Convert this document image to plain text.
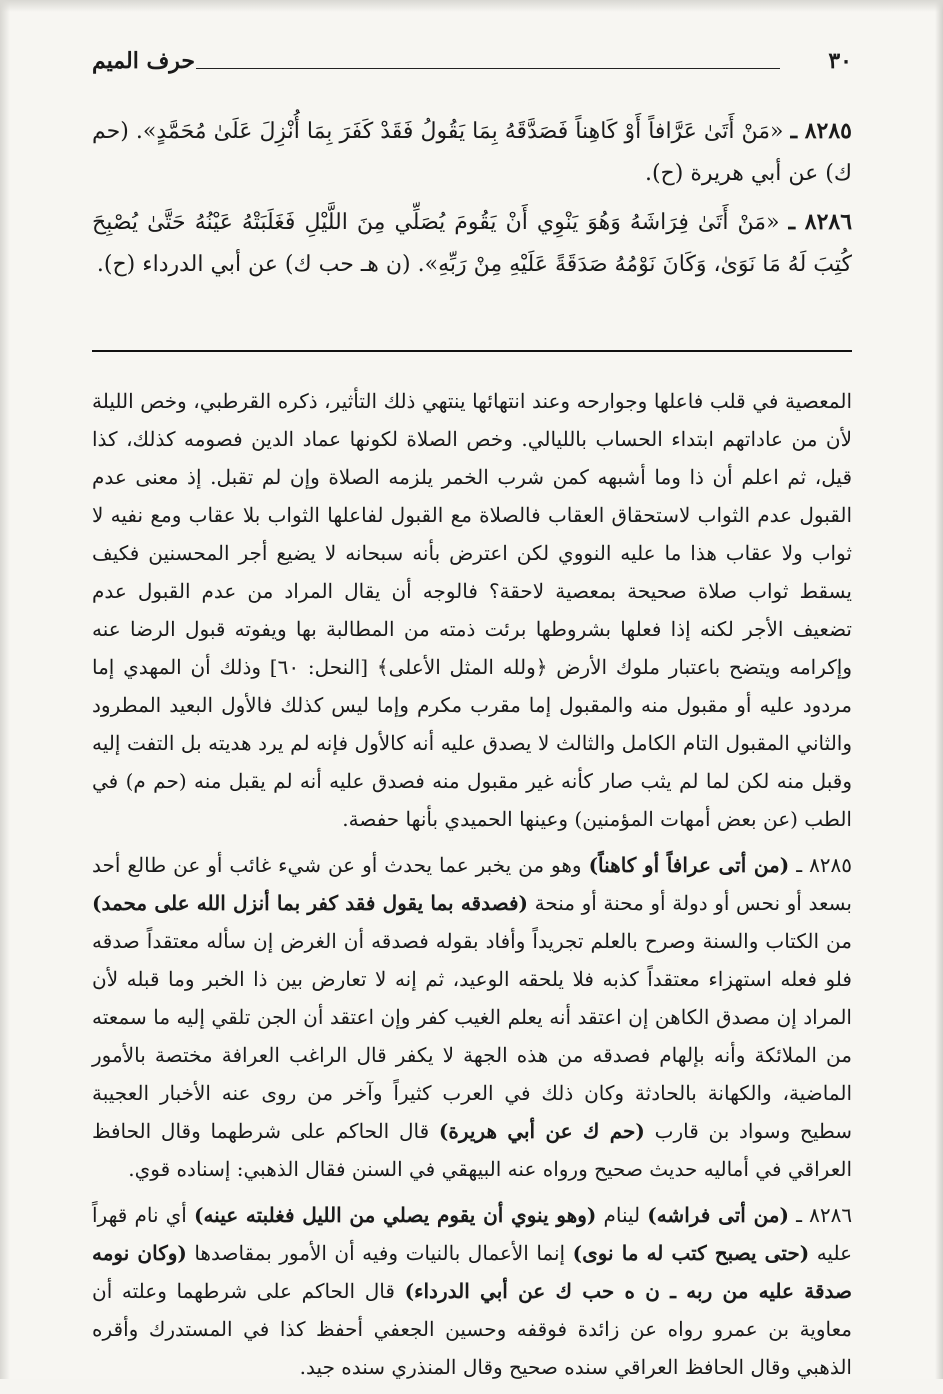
٣٠
حرف الميم

٨٢٨٥ ـ «مَنْ أَتَىٰ عَرَّافاً أَوْ كَاهِناً فَصَدَّقَهُ بِمَا يَقُولُ فَقَدْ كَفَرَ بِمَا أُنْزِلَ عَلَىٰ مُحَمَّدٍ». (حم ك) عن أبي هريرة (ح).

٨٢٨٦ ـ «مَنْ أَتَىٰ فِرَاشَهُ وَهُوَ يَنْوِي أَنْ يَقُومَ يُصَلِّي مِنَ اللَّيْلِ فَغَلَبَتْهُ عَيْنُهُ حَتَّىٰ يُصْبِحَ كُتِبَ لَهُ مَا نَوَىٰ، وَكَانَ نَوْمُهُ صَدَقَةً عَلَيْهِ مِنْ رَبِّهِ». (ن هـ حب ك) عن أبي الدرداء (ح).

المعصية في قلب فاعلها وجوارحه وعند انتهائها ينتهي ذلك التأثير، ذكره القرطبي، وخص الليلة لأن من عاداتهم ابتداء الحساب بالليالي. وخص الصلاة لكونها عماد الدين فصومه كذلك، كذا قيل، ثم اعلم أن ذا وما أشبهه كمن شرب الخمر يلزمه الصلاة وإن لم تقبل. إذ معنى عدم القبول عدم الثواب لاستحقاق العقاب فالصلاة مع القبول لفاعلها الثواب بلا عقاب ومع نفيه لا ثواب ولا عقاب هذا ما عليه النووي لكن اعترض بأنه سبحانه لا يضيع أجر المحسنين فكيف يسقط ثواب صلاة صحيحة بمعصية لاحقة؟ فالوجه أن يقال المراد من عدم القبول عدم تضعيف الأجر لكنه إذا فعلها بشروطها برئت ذمته من المطالبة بها ويفوته قبول الرضا عنه وإكرامه ويتضح باعتبار ملوك الأرض ﴿ولله المثل الأعلى﴾ [النحل: ٦٠] وذلك أن المهدي إما مردود عليه أو مقبول منه والمقبول إما مقرب مكرم وإما ليس كذلك فالأول البعيد المطرود والثاني المقبول التام الكامل والثالث لا يصدق عليه أنه كالأول فإنه لم يرد هديته بل التفت إليه وقبل منه لكن لما لم يثب صار كأنه غير مقبول منه فصدق عليه أنه لم يقبل منه (حم م) في الطب (عن بعض أمهات المؤمنين) وعينها الحميدي بأنها حفصة.

٨٢٨٥ ـ (من أتى عرافاً أو كاهناً) وهو من يخبر عما يحدث أو عن شيء غائب أو عن طالع أحد بسعد أو نحس أو دولة أو محنة أو منحة (فصدقه بما يقول فقد كفر بما أنزل الله على محمد) من الكتاب والسنة وصرح بالعلم تجريداً وأفاد بقوله فصدقه أن الغرض إن سأله معتقداً صدقه فلو فعله استهزاء معتقداً كذبه فلا يلحقه الوعيد، ثم إنه لا تعارض بين ذا الخبر وما قبله لأن المراد إن مصدق الكاهن إن اعتقد أنه يعلم الغيب كفر وإن اعتقد أن الجن تلقي إليه ما سمعته من الملائكة وأنه بإلهام فصدقه من هذه الجهة لا يكفر قال الراغب العرافة مختصة بالأمور الماضية، والكهانة بالحادثة وكان ذلك في العرب كثيراً وآخر من روى عنه الأخبار العجيبة سطيح وسواد بن قارب (حم ك عن أبي هريرة) قال الحاكم على شرطهما وقال الحافظ العراقي في أماليه حديث صحيح ورواه عنه البيهقي في السنن فقال الذهبي: إسناده قوي.

٨٢٨٦ ـ (من أتى فراشه) لينام (وهو ينوي أن يقوم يصلي من الليل فغلبته عينه) أي نام قهراً عليه (حتى يصبح كتب له ما نوى) إنما الأعمال بالنيات وفيه أن الأمور بمقاصدها (وكان نومه صدقة عليه من ربه ـ ن ه حب ك عن أبي الدرداء) قال الحاكم على شرطهما وعلته أن معاوية بن عمرو رواه عن زائدة فوقفه وحسين الجعفي أحفظ كذا في المستدرك وأقره الذهبي وقال الحافظ العراقي سنده صحيح وقال المنذري سنده جيد.
